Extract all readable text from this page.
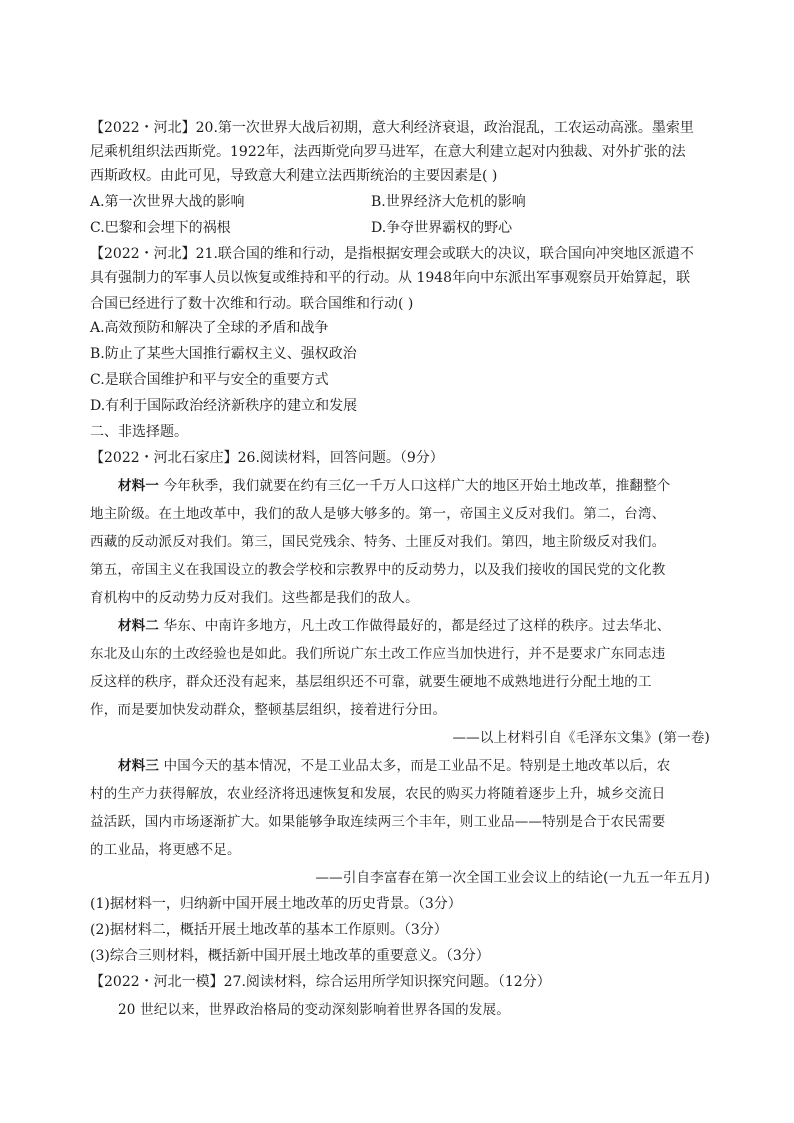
【2022・河北】20.第一次世界大战后初期，意大利经济衰退，政治混乱，工农运动高涨。墨索里
尼乘机组织法西斯党。1922年，法西斯党向罗马进军，在意大利建立起对内独裁、对外扩张的法
西斯政权。由此可见，导致意大利建立法西斯统治的主要因素是( )
A.第一次世界大战的影响	B.世界经济大危机的影响
C.巴黎和会埋下的祸根	D.争夺世界霸权的野心
【2022・河北】21.联合国的维和行动，是指根据安理会或联大的决议，联合国向冲突地区派遣不
具有强制力的军事人员以恢复或维持和平的行动。从 1948年向中东派出军事观察员开始算起，联
合国已经进行了数十次维和行动。联合国维和行动( )
A.高效预防和解决了全球的矛盾和战争
B.防止了某些大国推行霸权主义、强权政治
C.是联合国维护和平与安全的重要方式
D.有利于国际政治经济新秩序的建立和发展
二、非选择题。
【2022・河北石家庄】26.阅读材料，回答问题。（9分）
材料一 今年秋季，我们就要在约有三亿一千万人口这样广大的地区开始土地改革，推翻整个
地主阶级。在土地改革中，我们的敌人是够大够多的。第一，帝国主义反对我们。第二，台湾、
西藏的反动派反对我们。第三，国民党残余、特务、土匪反对我们。第四，地主阶级反对我们。
第五，帝国主义在我国设立的教会学校和宗教界中的反动势力，以及我们接收的国民党的文化教
育机构中的反动势力反对我们。这些都是我们的敌人。
材料二 华东、中南许多地方，凡土改工作做得最好的，都是经过了这样的秩序。过去华北、
东北及山东的土改经验也是如此。我们所说广东土改工作应当加快进行，并不是要求广东同志违
反这样的秩序，群众还没有起来，基层组织还不可靠，就要生硬地不成熟地进行分配土地的工
作，而是要加快发动群众，整顿基层组织，接着进行分田。
——以上材料引自《毛泽东文集》(第一卷)
材料三 中国今天的基本情况，不是工业品太多，而是工业品不足。特别是土地改革以后，农
村的生产力获得解放，农业经济将迅速恢复和发展，农民的购买力将随着逐步上升，城乡交流日
益活跃，国内市场逐渐扩大。如果能够争取连续两三个丰年，则工业品——特别是合于农民需要
的工业品，将更感不足。
——引自李富春在第一次全国工业会议上的结论(一九五一年五月)
(1)据材料一，归纳新中国开展土地改革的历史背景。（3分）
(2)据材料二，概括开展土地改革的基本工作原则。（3分）
(3)综合三则材料，概括新中国开展土地改革的重要意义。（3分）
【2022・河北一模】27.阅读材料，综合运用所学知识探究问题。（12分）
20 世纪以来，世界政治格局的变动深刻影响着世界各国的发展。
